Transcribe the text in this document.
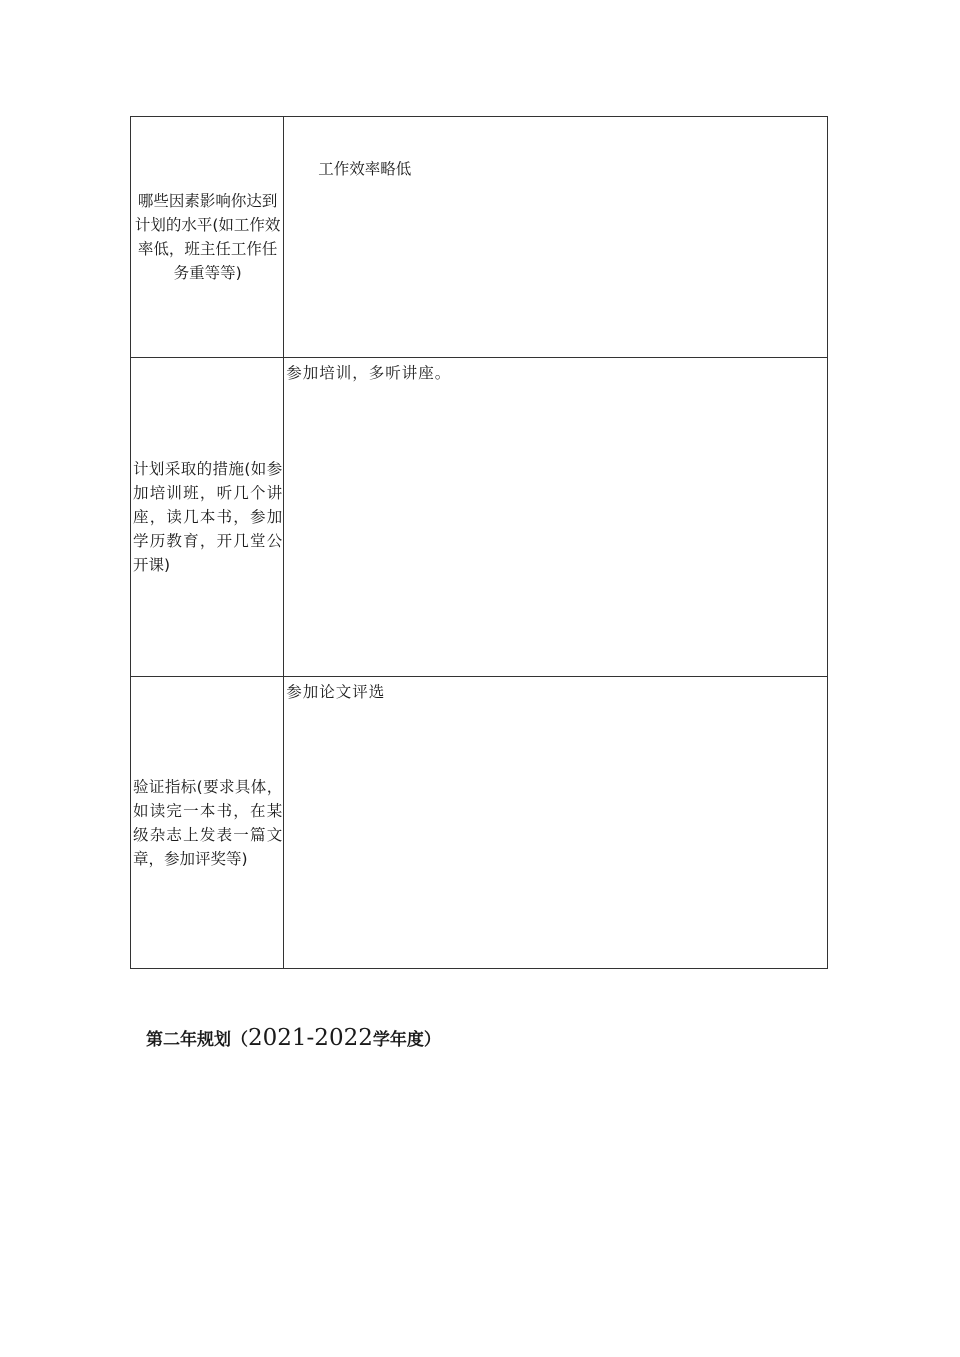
哪些因素影响你达到计划的水平(如工作效率低，班主任工作任务重等等)	工作效率略低

计划采取的措施(如参加培训班，听几个讲座，读几本书，参加学历教育，开几堂公开课)	参加培训，多听讲座。

验证指标(要求具体，如读完一本书，在某级杂志上发表一篇文章，参加评奖等)	参加论文评选
第二年规划（2021-2022学年度）
